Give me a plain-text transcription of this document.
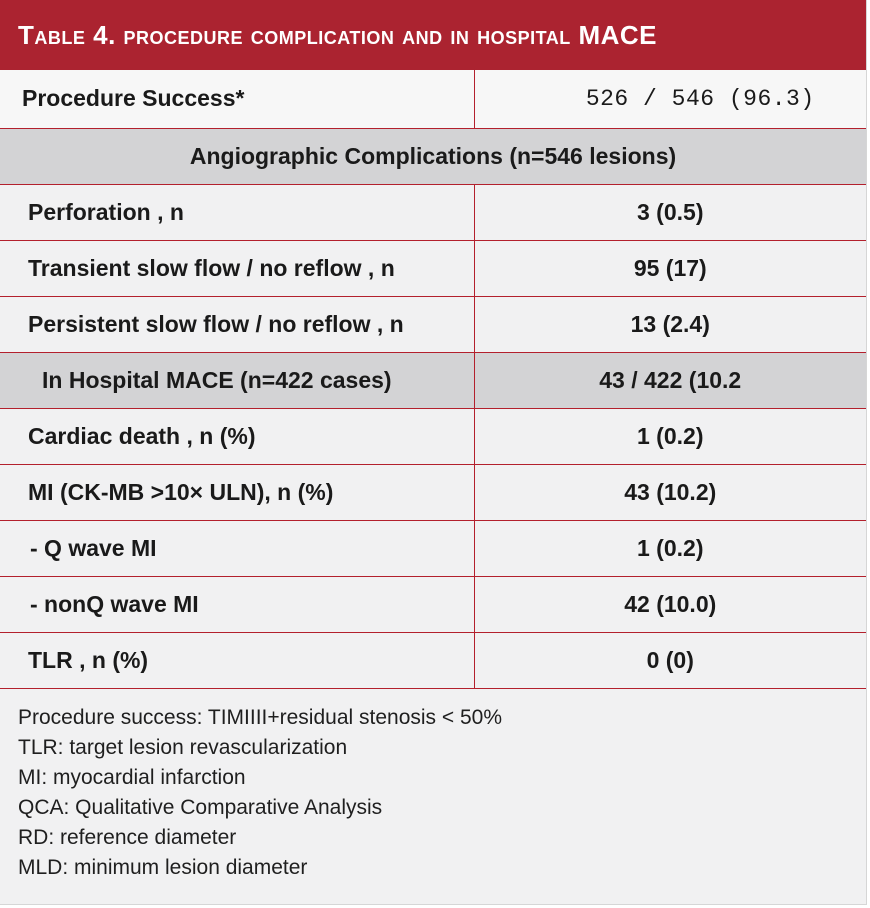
Table 4. procedure complication and in hospital MACE
Procedure Success*	526 / 546 (96.3)
Angiographic Complications (n=546 lesions)	
Perforation , n	3 (0.5)
Transient slow flow / no reflow , n	95 (17)
Persistent slow flow / no reflow , n	13 (2.4)
In Hospital MACE (n=422 cases)	43 / 422 (10.2
Cardiac death , n (%)	1 (0.2)
MI (CK-MB >10× ULN), n (%)	43 (10.2)
- Q wave MI	1 (0.2)
- nonQ wave MI	42 (10.0)
TLR , n (%)	0 (0)
Procedure success: TIMIIII+residual stenosis < 50%
TLR: target lesion revascularization
MI: myocardial infarction
QCA: Qualitative Comparative Analysis
RD: reference diameter
MLD: minimum lesion diameter
